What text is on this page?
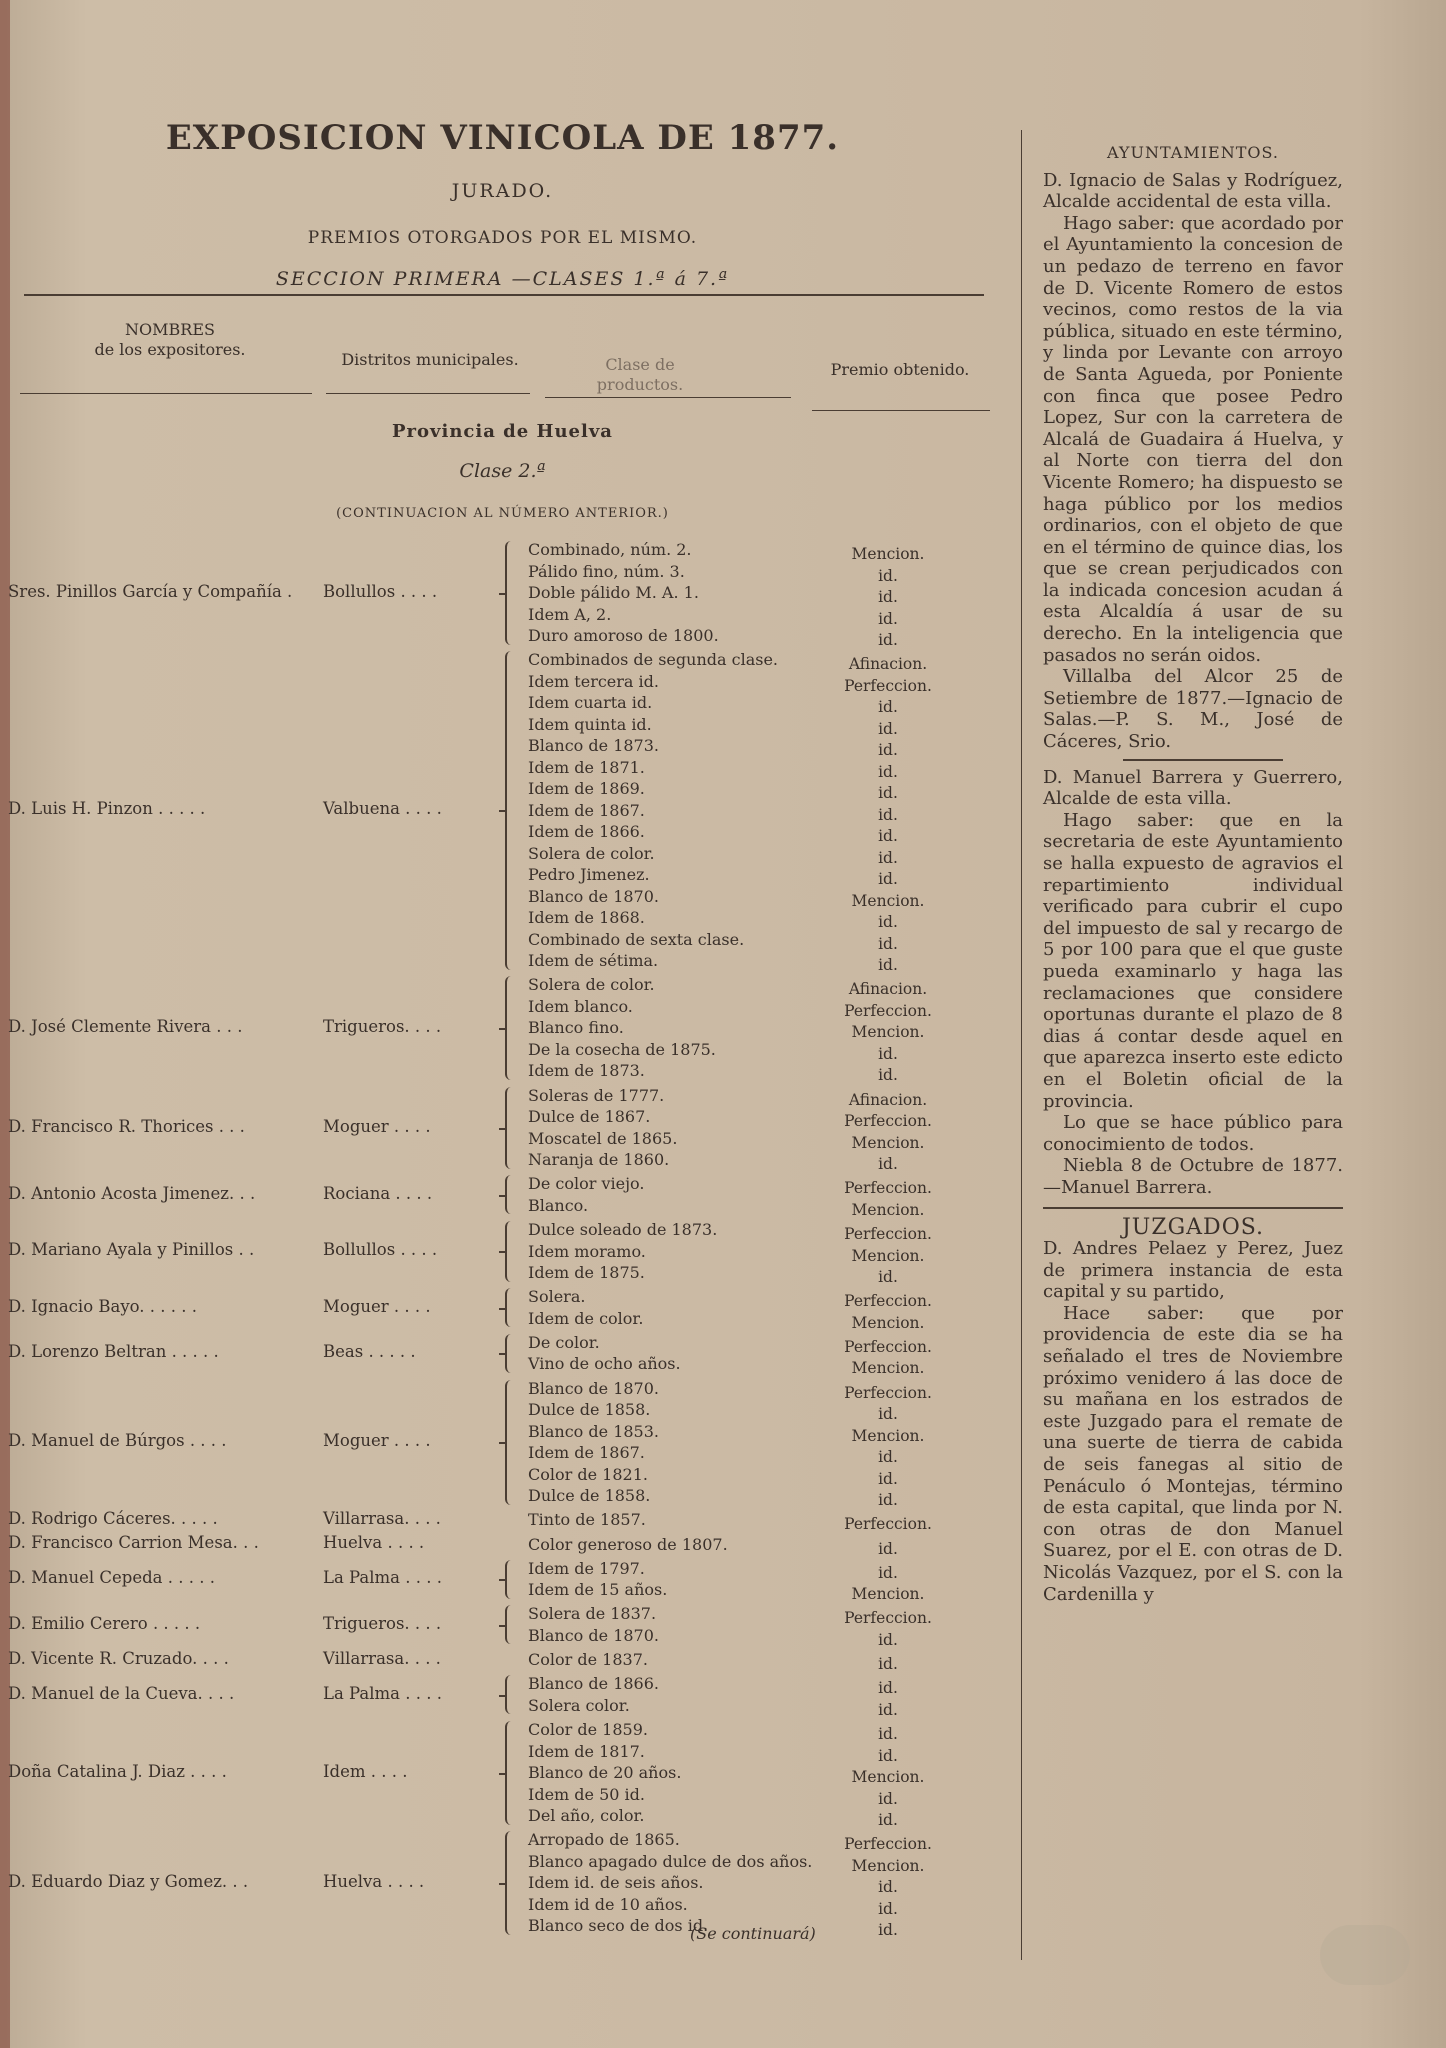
EXPOSICION VINICOLA DE 1877.
JURADO.
PREMIOS OTORGADOS POR EL MISMO.
SECCION PRIMERA —CLASES 1.ª á 7.ª
NOMBRES
de los expositores.
Distritos municipales.	Clase de productos.
Premio obtenido.
Provincia de Huelva
Clase 2.ª
(CONTINUACION AL NÚMERO ANTERIOR.)
Sres. Pinillos García y Compañía . Bollullos . . . .
Combinado, núm. 2.	Mencion.
Pálido fino, núm. 3.	id.
Doble pálido M. A. 1.	id.
Idem A, 2.	id.
Duro amoroso de 1800.	id.
D. Luis H. Pinzon . . . . .	Valbuena . . . .
Combinados de segunda clase.	Afinacion.
Idem tercera id.	Perfeccion.
Idem cuarta id.	id.
Idem quinta id.	id.
Blanco de 1873.	id.
Idem de 1871.	id.
Idem de 1869.	id.
Idem de 1867.	id.
Idem de 1866.	id.
Solera de color.	id.
Pedro Jimenez.	id.
Blanco de 1870.	Mencion.
Idem de 1868.	id.
Combinado de sexta clase.	id.
Idem de sétima.	id.
D. José Clemente Rivera . . .	Trigueros. . . .
Solera de color.	Afinacion.
Idem blanco.	Perfeccion.
Blanco fino.	Mencion.
De la cosecha de 1875.	id.
Idem de 1873.	id.
D. Francisco R. Thorices . . .	Moguer . . . .
Soleras de 1777.	Afinacion.
Dulce de 1867.	Perfeccion.
Moscatel de 1865.	Mencion.
Naranja de 1860.	id.
D. Antonio Acosta Jimenez. . .	Rociana . . . .	De color viejo.	Perfeccion.
Blanco.	Mencion.
D. Mariano Ayala y Pinillos . .	Bollullos . . . .
Dulce soleado de 1873.	Perfeccion.
Idem moramo.	Mencion.
Idem de 1875.	id.
D. Ignacio Bayo. . . . . .	Moguer . . . .	Solera.	Perfeccion.
Idem de color.	Mencion.
D. Lorenzo Beltran . . . . .	Beas . . . . .	De color.	Perfeccion.
Vino de ocho años.	Mencion.
D. Manuel de Búrgos . . . .	Moguer . . . .
Blanco de 1870.	Perfeccion.
Dulce de 1858.	id.
Blanco de 1853.	Mencion.
Idem de 1867.	id.
Color de 1821.	id.
Dulce de 1858.	id.
D. Rodrigo Cáceres. . . . .	Villarrasa. . . .	Tinto de 1857.	Perfeccion.
D. Francisco Carrion Mesa. . .	Huelva . . . .	Color generoso de 1807.	id.
D. Manuel Cepeda . . . . .	La Palma . . . .	Idem de 1797.	id.
Idem de 15 años.	Mencion.
D. Emilio Cerero . . . . .	Trigueros. . . .	Solera de 1837.	Perfeccion.
Blanco de 1870.	id.
D. Vicente R. Cruzado. . . .	Villarrasa. . . .	Color de 1837.	id.
D. Manuel de la Cueva. . . .	La Palma . . . .	Blanco de 1866.	id.
Solera color.	id.
Doña Catalina J. Diaz . . . .	Idem . . . .
Color de 1859.	id.
Idem de 1817.	id.
Blanco de 20 años.	Mencion.
Idem de 50 id.	id.
Del año, color.	id.
D. Eduardo Diaz y Gomez. . .	Huelva . . . .
Arropado de 1865.	Perfeccion.
Blanco apagado dulce de dos años.	Mencion.
Idem id. de seis años.	id.
Idem id de 10 años.	id.
Blanco seco de dos id.	id.
(Se continuará)

AYUNTAMIENTOS.

D. Ignacio de Salas y Rodríguez, Alcalde accidental de esta villa.

Hago saber: que acordado por el Ayuntamiento la concesion de un pedazo de terreno en favor de D. Vicente Romero de estos vecinos, como restos de la via pública, situado en este término, y linda por Levante con arroyo de Santa Agueda, por Poniente con finca que posee Pedro Lopez, Sur con la carretera de Alcalá de Guadaira á Huelva, y al Norte con tierra del don Vicente Romero; ha dispuesto se haga público por los medios ordinarios, con el objeto de que en el término de quince dias, los que se crean perjudicados con la indicada concesion acudan á esta Alcaldía á usar de su derecho. En la inteligencia que pasados no serán oidos.

Villalba del Alcor 25 de Setiembre de 1877.—Ignacio de Salas.—P. S. M., José de Cáceres, Srio.

D. Manuel Barrera y Guerrero, Alcalde de esta villa.

Hago saber: que en la secretaria de este Ayuntamiento se halla expuesto de agravios el repartimiento individual verificado para cubrir el cupo del impuesto de sal y recargo de 5 por 100 para que el que guste pueda examinarlo y haga las reclamaciones que considere oportunas durante el plazo de 8 dias á contar desde aquel en que aparezca inserto este edicto en el Boletin oficial de la provincia.

Lo que se hace público para conocimiento de todos.

Niebla 8 de Octubre de 1877.—Manuel Barrera.

JUZGADOS.

D. Andres Pelaez y Perez, Juez de primera instancia de esta capital y su partido,

Hace saber: que por providencia de este dia se ha señalado el tres de Noviembre próximo venidero á las doce de su mañana en los estrados de este Juzgado para el remate de una suerte de tierra de cabida de seis fanegas al sitio de Penáculo ó Montejas, término de esta capital, que linda por N. con otras de don Manuel Suarez, por el E. con otras de D. Nicolás Vazquez, por el S. con la Cardenilla y
